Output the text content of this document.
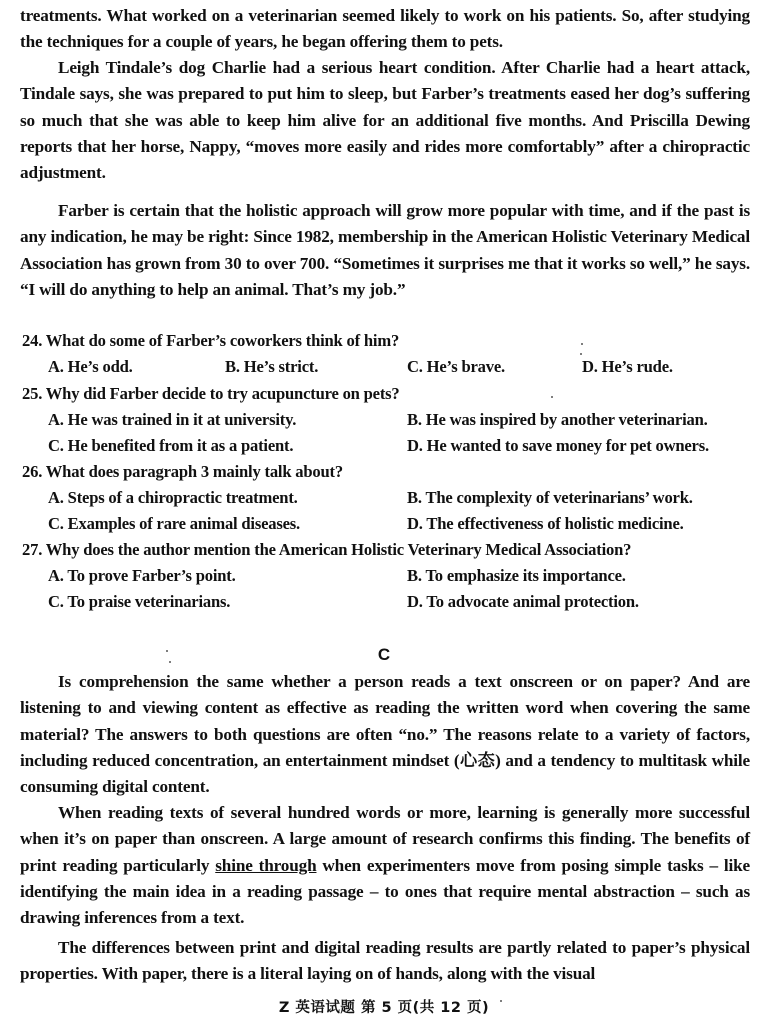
treatments. What worked on a veterinarian seemed likely to work on his patients. So, after studying the techniques for a couple of years, he began offering them to pets.
Leigh Tindale’s dog Charlie had a serious heart condition. After Charlie had a heart attack, Tindale says, she was prepared to put him to sleep, but Farber’s treatments eased her dog’s suffering so much that she was able to keep him alive for an additional five months. And Priscilla Dewing reports that her horse, Nappy, “moves more easily and rides more comfortably” after a chiropractic adjustment.
Farber is certain that the holistic approach will grow more popular with time, and if the past is any indication, he may be right: Since 1982, membership in the American Holistic Veterinary Medical Association has grown from 30 to over 700. “Sometimes it surprises me that it works so well,” he says. “I will do anything to help an animal. That’s my job.”
24. What do some of Farber’s coworkers think of him?
A. He’s odd.	B. He’s strict.	C. He’s brave.	D. He’s rude.
25. Why did Farber decide to try acupuncture on pets?
A. He was trained in it at university.	B. He was inspired by another veterinarian.
C. He benefited from it as a patient.	D. He wanted to save money for pet owners.
26. What does paragraph 3 mainly talk about?
A. Steps of a chiropractic treatment.	B. The complexity of veterinarians’ work.
C. Examples of rare animal diseases.	D. The effectiveness of holistic medicine.
27. Why does the author mention the American Holistic Veterinary Medical Association?
A. To prove Farber’s point.	B. To emphasize its importance.
C. To praise veterinarians.	D. To advocate animal protection.
C
Is comprehension the same whether a person reads a text onscreen or on paper? And are listening to and viewing content as effective as reading the written word when covering the same material? The answers to both questions are often “no.” The reasons relate to a variety of factors, including reduced concentration, an entertainment mindset (心态) and a tendency to multitask while consuming digital content.
When reading texts of several hundred words or more, learning is generally more successful when it’s on paper than onscreen. A large amount of research confirms this finding. The benefits of print reading particularly shine through when experimenters move from posing simple tasks – like identifying the main idea in a reading passage – to ones that require mental abstraction – such as drawing inferences from a text.
The differences between print and digital reading results are partly related to paper’s physical properties. With paper, there is a literal laying on of hands, along with the visual
Z 英语试题 第 5 页(共 12 页)
